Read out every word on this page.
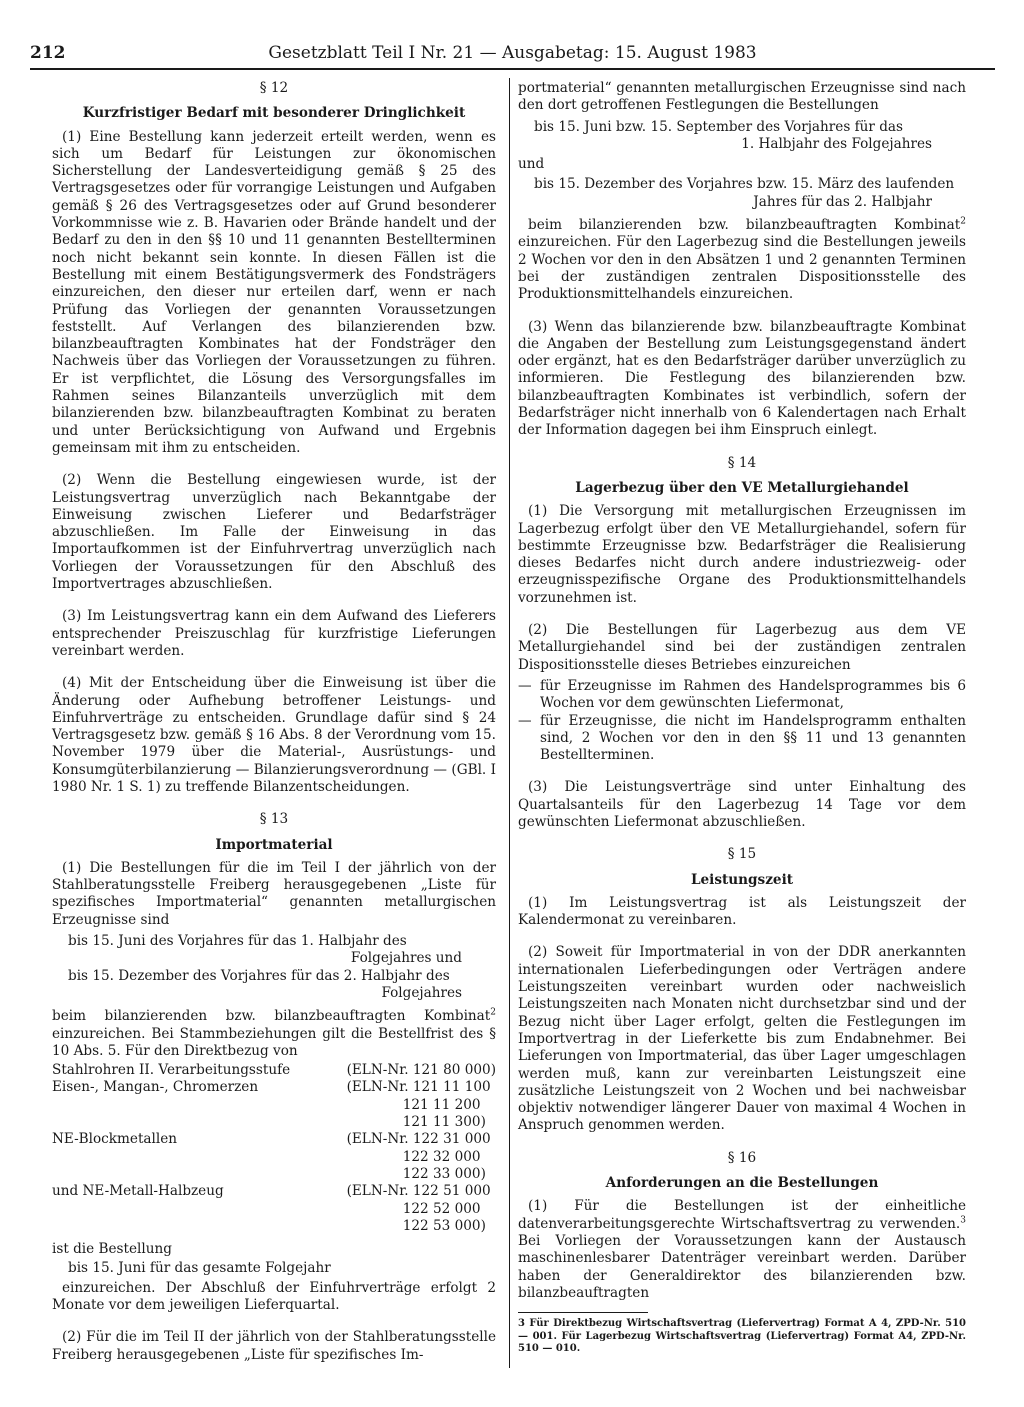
212	Gesetzblatt Teil I Nr. 21 — Ausgabetag: 15. August 1983
§ 12
Kurzfristiger Bedarf mit besonderer Dringlichkeit

(1) Eine Bestellung kann jederzeit erteilt werden, wenn es sich um Bedarf für Leistungen zur ökonomischen Sicherstellung der Landesverteidigung gemäß § 25 des Vertragsgesetzes oder für vorrangige Leistungen und Aufgaben gemäß § 26 des Vertragsgesetzes oder auf Grund besonderer Vorkommnisse wie z. B. Havarien oder Brände handelt und der Bedarf zu den in den §§ 10 und 11 genannten Bestellterminen noch nicht bekannt sein konnte. In diesen Fällen ist die Bestellung mit einem Bestätigungsvermerk des Fondsträgers einzureichen, den dieser nur erteilen darf, wenn er nach Prüfung das Vorliegen der genannten Voraussetzungen feststellt. Auf Verlangen des bilanzierenden bzw. bilanzbeauftragten Kombinates hat der Fondsträger den Nachweis über das Vorliegen der Voraussetzungen zu führen. Er ist verpflichtet, die Lösung des Versorgungsfalles im Rahmen seines Bilanzanteils unverzüglich mit dem bilanzierenden bzw. bilanzbeauftragten Kombinat zu beraten und unter Berücksichtigung von Aufwand und Ergebnis gemeinsam mit ihm zu entscheiden.

(2) Wenn die Bestellung eingewiesen wurde, ist der Leistungsvertrag unverzüglich nach Bekanntgabe der Einweisung zwischen Lieferer und Bedarfsträger abzuschließen. Im Falle der Einweisung in das Importaufkommen ist der Einfuhrvertrag unverzüglich nach Vorliegen der Voraussetzungen für den Abschluß des Importvertrages abzuschließen.

(3) Im Leistungsvertrag kann ein dem Aufwand des Lieferers entsprechender Preiszuschlag für kurzfristige Lieferungen vereinbart werden.

(4) Mit der Entscheidung über die Einweisung ist über die Änderung oder Aufhebung betroffener Leistungs- und Einfuhrverträge zu entscheiden. Grundlage dafür sind § 24 Vertragsgesetz bzw. gemäß § 16 Abs. 8 der Verordnung vom 15. November 1979 über die Material-, Ausrüstungs- und Konsumgüterbilanzierung — Bilanzierungsverordnung — (GBl. I 1980 Nr. 1 S. 1) zu treffende Bilanzentscheidungen.

§ 13
Importmaterial

(1) Die Bestellungen für die im Teil I der jährlich von der Stahlberatungsstelle Freiberg herausgegebenen „Liste für spezifisches Importmaterial“ genannten metallurgischen Erzeugnisse sind

bis 15. Juni des Vorjahres für das 1. Halbjahr des
Folgejahres und
bis 15. Dezember des Vorjahres für das 2. Halbjahr des
Folgejahres

beim bilanzierenden bzw. bilanzbeauftragten Kombinat$^2$ einzureichen. Bei Stammbeziehungen gilt die Bestellfrist des § 10 Abs. 5. Für den Direktbezug von

Stahlrohren II. Verarbeitungsstufe	(ELN-Nr. 121 80 000)

Eisen-, Mangan-, Chromerzen	(ELN-Nr. 121 11 100
121 11 200
121 11 300)

NE-Blockmetallen	(ELN-Nr. 122 31 000
122 32 000
122 33 000)

und NE-Metall-Halbzeug	(ELN-Nr. 122 51 000
122 52 000
122 53 000)

ist die Bestellung

bis 15. Juni für das gesamte Folgejahr

einzureichen. Der Abschluß der Einfuhrverträge erfolgt 2 Monate vor dem jeweiligen Lieferquartal.

(2) Für die im Teil II der jährlich von der Stahlberatungsstelle Freiberg herausgegebenen „Liste für spezifisches Im-

portmaterial“ genannten metallurgischen Erzeugnisse sind nach den dort getroffenen Festlegungen die Bestellungen

bis 15. Juni bzw. 15. September des Vorjahres für das
1. Halbjahr des Folgejahres
und
bis 15. Dezember des Vorjahres bzw. 15. März des laufenden
Jahres für das 2. Halbjahr

beim bilanzierenden bzw. bilanzbeauftragten Kombinat$^2$ einzureichen. Für den Lagerbezug sind die Bestellungen jeweils 2 Wochen vor den in den Absätzen 1 und 2 genannten Terminen bei der zuständigen zentralen Dispositionsstelle des Produktionsmittelhandels einzureichen.

(3) Wenn das bilanzierende bzw. bilanzbeauftragte Kombinat die Angaben der Bestellung zum Leistungsgegenstand ändert oder ergänzt, hat es den Bedarfsträger darüber unverzüglich zu informieren. Die Festlegung des bilanzierenden bzw. bilanzbeauftragten Kombinates ist verbindlich, sofern der Bedarfsträger nicht innerhalb von 6 Kalendertagen nach Erhalt der Information dagegen bei ihm Einspruch einlegt.

§ 14
Lagerbezug über den VE Metallurgiehandel

(1) Die Versorgung mit metallurgischen Erzeugnissen im Lagerbezug erfolgt über den VE Metallurgiehandel, sofern für bestimmte Erzeugnisse bzw. Bedarfsträger die Realisierung dieses Bedarfes nicht durch andere industriezweig- oder erzeugnisspezifische Organe des Produktionsmittelhandels vorzunehmen ist.

(2) Die Bestellungen für Lagerbezug aus dem VE Metallurgiehandel sind bei der zuständigen zentralen Dispositionsstelle dieses Betriebes einzureichen

— für Erzeugnisse im Rahmen des Handelsprogrammes bis 6 Wochen vor dem gewünschten Liefermonat,
— für Erzeugnisse, die nicht im Handelsprogramm enthalten sind, 2 Wochen vor den in den §§ 11 und 13 genannten Bestellterminen.

(3) Die Leistungsverträge sind unter Einhaltung des Quartalsanteils für den Lagerbezug 14 Tage vor dem gewünschten Liefermonat abzuschließen.

§ 15
Leistungszeit

(1) Im Leistungsvertrag ist als Leistungszeit der Kalendermonat zu vereinbaren.

(2) Soweit für Importmaterial in von der DDR anerkannten internationalen Lieferbedingungen oder Verträgen andere Leistungszeiten vereinbart wurden oder nachweislich Leistungszeiten nach Monaten nicht durchsetzbar sind und der Bezug nicht über Lager erfolgt, gelten die Festlegungen im Importvertrag in der Lieferkette bis zum Endabnehmer. Bei Lieferungen von Importmaterial, das über Lager umgeschlagen werden muß, kann zur vereinbarten Leistungszeit eine zusätzliche Leistungszeit von 2 Wochen und bei nachweisbar objektiv notwendiger längerer Dauer von maximal 4 Wochen in Anspruch genommen werden.

§ 16
Anforderungen an die Bestellungen

(1) Für die Bestellungen ist der einheitliche datenverarbeitungsgerechte Wirtschaftsvertrag zu verwenden.$^3$ Bei Vorliegen der Voraussetzungen kann der Austausch maschinenlesbarer Datenträger vereinbart werden. Darüber haben der Generaldirektor des bilanzierenden bzw. bilanzbeauftragten

3 Für Direktbezug Wirtschaftsvertrag (Liefervertrag) Format A 4, ZPD-Nr. 510 — 001. Für Lagerbezug Wirtschaftsvertrag (Liefervertrag) Format A4, ZPD-Nr. 510 — 010.
